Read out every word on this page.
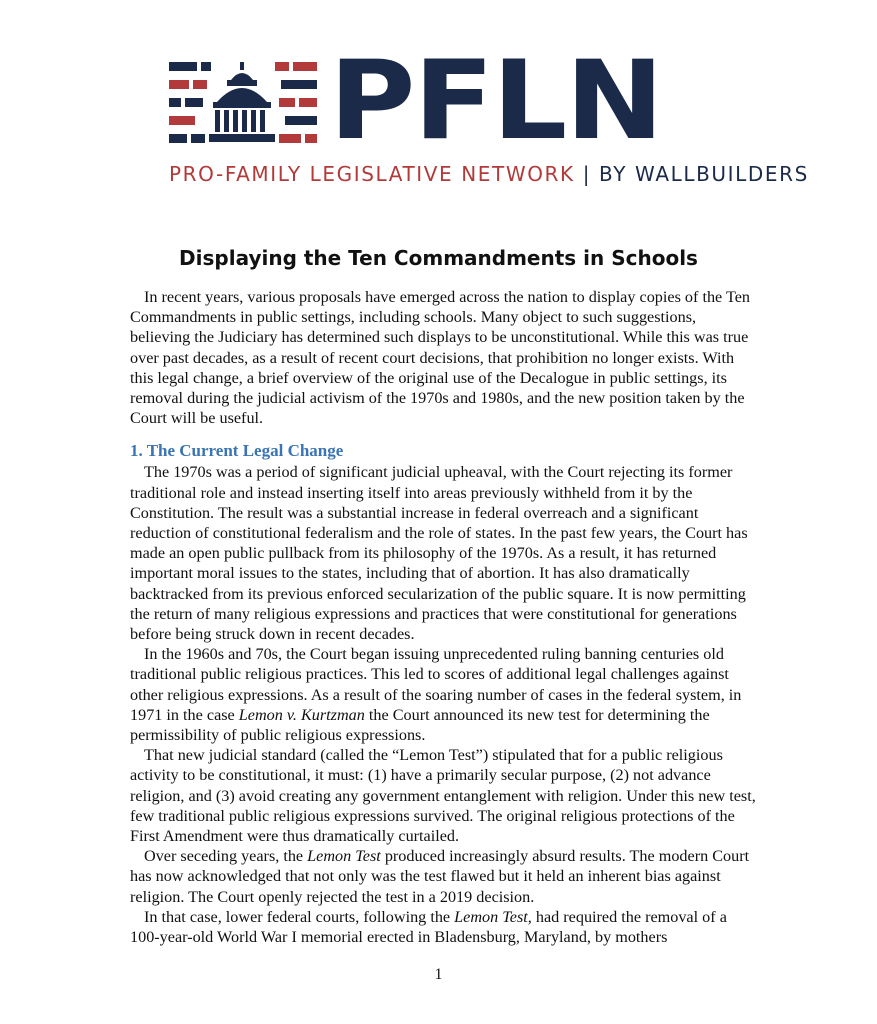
PFLN
PRO-FAMILY LEGISLATIVE NETWORK | BY WALLBUILDERS
Displaying the Ten Commandments in Schools

In recent years, various proposals have emerged across the nation to display copies of the Ten Commandments in public settings, including schools. Many object to such suggestions, believing the Judiciary has determined such displays to be unconstitutional. While this was true over past decades, as a result of recent court decisions, that prohibition no longer exists. With this legal change, a brief overview of the original use of the Decalogue in public settings, its removal during the judicial activism of the 1970s and 1980s, and the new position taken by the Court will be useful.

1. The Current Legal Change

The 1970s was a period of significant judicial upheaval, with the Court rejecting its former traditional role and instead inserting itself into areas previously withheld from it by the Constitution. The result was a substantial increase in federal overreach and a significant reduction of constitutional federalism and the role of states. In the past few years, the Court has made an open public pullback from its philosophy of the 1970s. As a result, it has returned important moral issues to the states, including that of abortion. It has also dramatically backtracked from its previous enforced secularization of the public square. It is now permitting the return of many religious expressions and practices that were constitutional for generations before being struck down in recent decades.

In the 1960s and 70s, the Court began issuing unprecedented ruling banning centuries old traditional public religious practices. This led to scores of additional legal challenges against other religious expressions. As a result of the soaring number of cases in the federal system, in 1971 in the case Lemon v. Kurtzman the Court announced its new test for determining the permissibility of public religious expressions.

That new judicial standard (called the “Lemon Test”) stipulated that for a public religious activity to be constitutional, it must: (1) have a primarily secular purpose, (2) not advance religion, and (3) avoid creating any government entanglement with religion. Under this new test, few traditional public religious expressions survived. The original religious protections of the First Amendment were thus dramatically curtailed.

Over seceding years, the Lemon Test produced increasingly absurd results. The modern Court has now acknowledged that not only was the test flawed but it held an inherent bias against religion. The Court openly rejected the test in a 2019 decision.

In that case, lower federal courts, following the Lemon Test, had required the removal of a 100-year-old World War I memorial erected in Bladensburg, Maryland, by mothers

1
